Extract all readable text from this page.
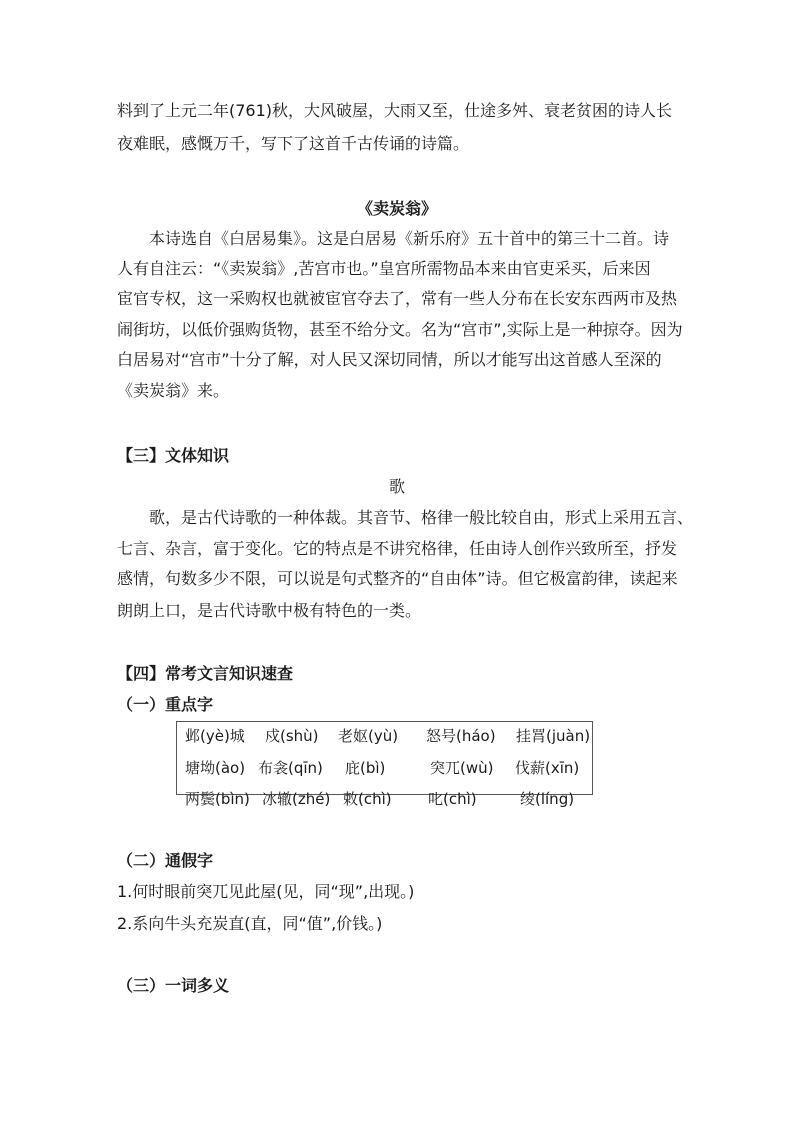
料到了上元二年(761)秋，大风破屋，大雨又至，仕途多舛、衰老贫困的诗人长
夜难眠，感慨万千，写下了这首千古传诵的诗篇。
《卖炭翁》
本诗选自《白居易集》。这是白居易《新乐府》五十首中的第三十二首。诗
人有自注云：“《卖炭翁》,苦宫市也。”皇宫所需物品本来由官吏采买，后来因
宦官专权，这一采购权也就被宦官夺去了，常有一些人分布在长安东西两市及热
闹街坊，以低价强购货物，甚至不给分文。名为“宫市”,实际上是一种掠夺。因为
白居易对“宫市”十分了解，对人民又深切同情，所以才能写出这首感人至深的
《卖炭翁》来。
【三】文体知识
歌
歌，是古代诗歌的一种体裁。其音节、格律一般比较自由，形式上采用五言、
七言、杂言，富于变化。它的特点是不讲究格律，任由诗人创作兴致所至，抒发
感情，句数多少不限，可以说是句式整齐的“自由体”诗。但它极富韵律，读起来
朗朗上口，是古代诗歌中极有特色的一类。
【四】常考文言知识速查
（一）重点字
邺(yè)城 戍(shù) 老妪(yù) 怒号(háo) 挂罥(juàn)
塘坳(ào) 布衾(qīn) 庇(bì)	突兀(wù) 伐薪(xīn)
两鬓(bìn) 冰辙(zhé) 敕(chì) 叱(chì)	绫(líng)
（二）通假字
1.何时眼前突兀见此屋(见，同“现”,出现。)
2.系向牛头充炭直(直，同“值”,价钱。)
（三）一词多义
